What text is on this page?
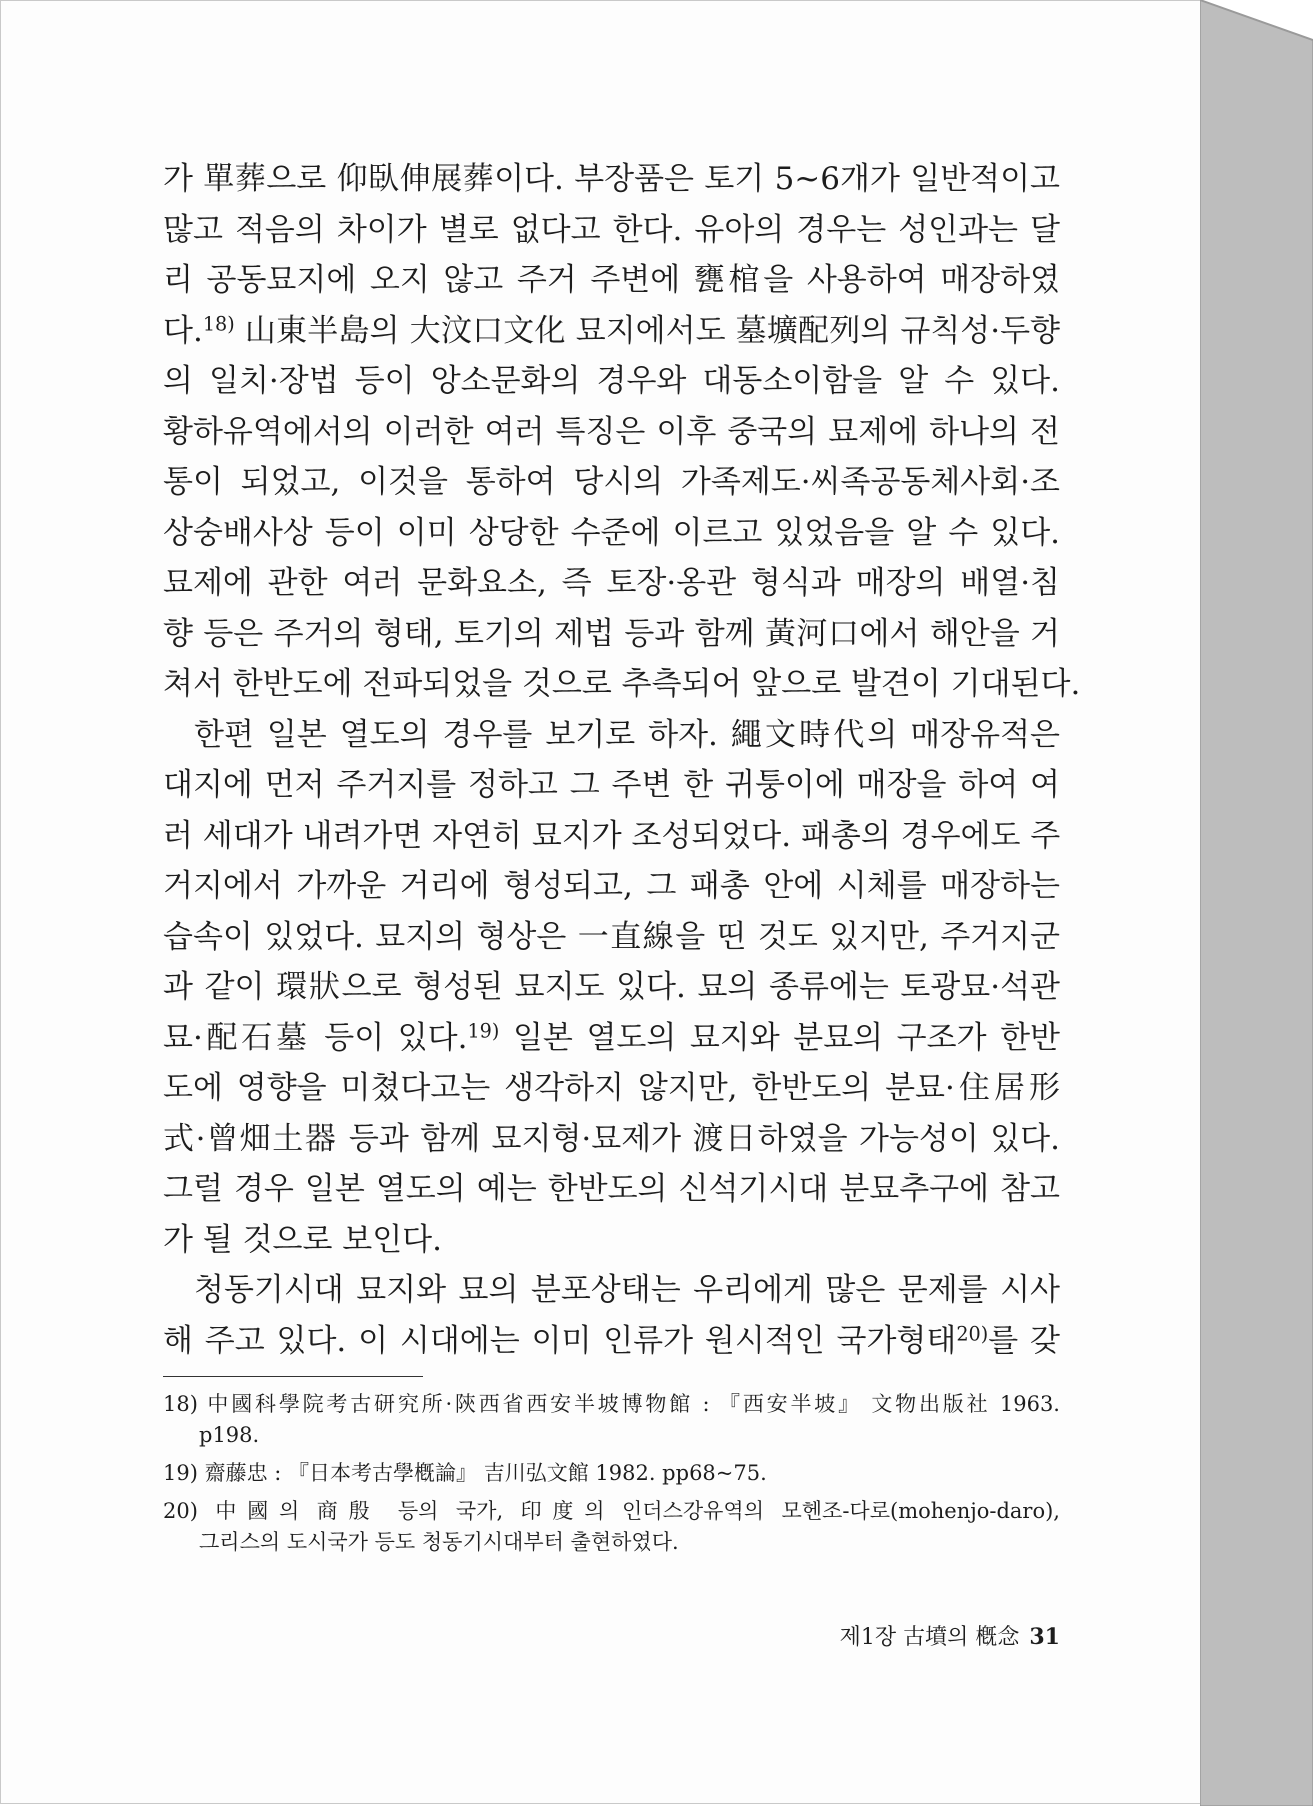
가 單葬으로 仰臥伸展葬이다. 부장품은 토기 5~6개가 일반적이고
많고 적음의 차이가 별로 없다고 한다. 유아의 경우는 성인과는 달
리 공동묘지에 오지 않고 주거 주변에 甕棺을 사용하여 매장하였
다.$^{18)}$ 山東半島의 大汶口文化 묘지에서도 墓壙配列의 규칙성·두향
의 일치·장법 등이 앙소문화의 경우와 대동소이함을 알 수 있다.
황하유역에서의 이러한 여러 특징은 이후 중국의 묘제에 하나의 전
통이 되었고, 이것을 통하여 당시의 가족제도·씨족공동체사회·조
상숭배사상 등이 이미 상당한 수준에 이르고 있었음을 알 수 있다.
묘제에 관한 여러 문화요소, 즉 토장·옹관 형식과 매장의 배열·침
향 등은 주거의 형태, 토기의 제법 등과 함께 黃河口에서 해안을 거
쳐서 한반도에 전파되었을 것으로 추측되어 앞으로 발견이 기대된다.
한편 일본 열도의 경우를 보기로 하자. 繩文時代의 매장유적은
대지에 먼저 주거지를 정하고 그 주변 한 귀퉁이에 매장을 하여 여
러 세대가 내려가면 자연히 묘지가 조성되었다. 패총의 경우에도 주
거지에서 가까운 거리에 형성되고, 그 패총 안에 시체를 매장하는
습속이 있었다. 묘지의 형상은 一直線을 띤 것도 있지만, 주거지군
과 같이 環狀으로 형성된 묘지도 있다. 묘의 종류에는 토광묘·석관
묘·配石墓 등이 있다.$^{19)}$ 일본 열도의 묘지와 분묘의 구조가 한반
도에 영향을 미쳤다고는 생각하지 않지만, 한반도의 분묘·住居形
式·曾畑土器 등과 함께 묘지형·묘제가 渡日하였을 가능성이 있다.
그럴 경우 일본 열도의 예는 한반도의 신석기시대 분묘추구에 참고
가 될 것으로 보인다.
청동기시대 묘지와 묘의 분포상태는 우리에게 많은 문제를 시사
해 주고 있다. 이 시대에는 이미 인류가 원시적인 국가형태$^{20)}$를 갖
18) 中國科學院考古研究所·陝西省西安半坡博物館 : 『西安半坡』 文物出版社 1963.
p198.
19) 齋藤忠 : 『日本考古學槪論』 吉川弘文館 1982. pp68~75.
20) 中國의 商殷 등의 국가, 印度의 인더스강유역의 모헨조-다로(mohenjo-daro),
그리스의 도시국가 등도 청동기시대부터 출현하였다.
제1장 古墳의 槪念 31
